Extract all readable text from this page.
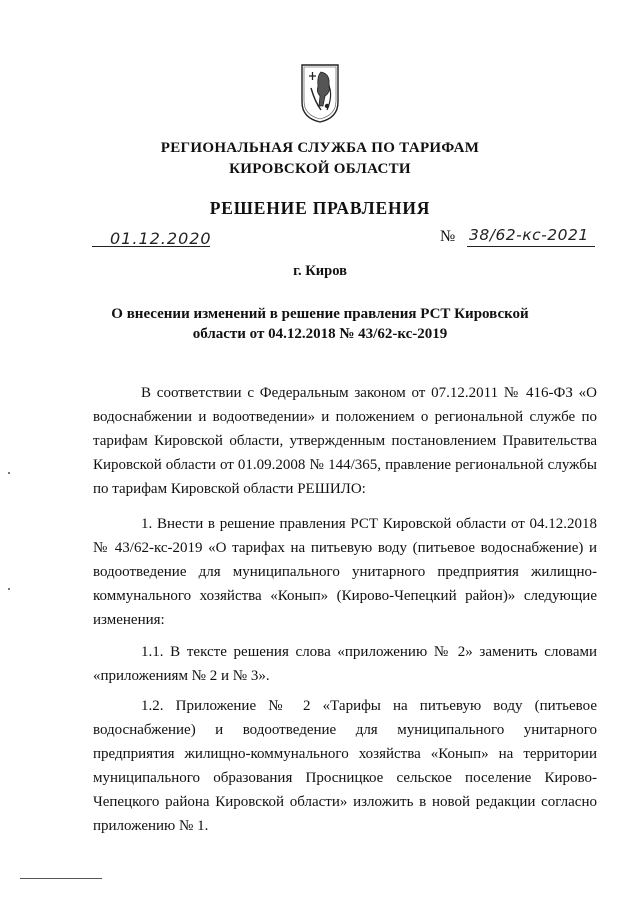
РЕГИОНАЛЬНАЯ СЛУЖБА ПО ТАРИФАМ
КИРОВСКОЙ ОБЛАСТИ
РЕШЕНИЕ ПРАВЛЕНИЯ
01.12.2020	№ 38/62-кс-2021
г. Киров
О внесении изменений в решение правления РСТ Кировской
области от 04.12.2018 № 43/62-кс-2019
В соответствии с Федеральным законом от 07.12.2011 № 416-ФЗ «О водоснабжении и водоотведении» и положением о региональной службе по тарифам Кировской области, утвержденным постановлением Правительства Кировской области от 01.09.2008 № 144/365, правление региональной службы по тарифам Кировской области РЕШИЛО:
1. Внести в решение правления РСТ Кировской области от 04.12.2018 № 43/62-кс-2019 «О тарифах на питьевую воду (питьевое водоснабжение) и водоотведение для муниципального унитарного предприятия жилищно-коммунального хозяйства «Конып» (Кирово-Чепецкий район)» следующие изменения:
1.1. В тексте решения слова «приложению № 2» заменить словами «приложениям № 2 и № 3».
1.2. Приложение № 2 «Тарифы на питьевую воду (питьевое водоснабжение) и водоотведение для муниципального унитарного предприятия жилищно-коммунального хозяйства «Конып» на территории муниципального образования Просницкое сельское поселение Кирово-Чепецкого района Кировской области» изложить в новой редакции согласно приложению № 1.
